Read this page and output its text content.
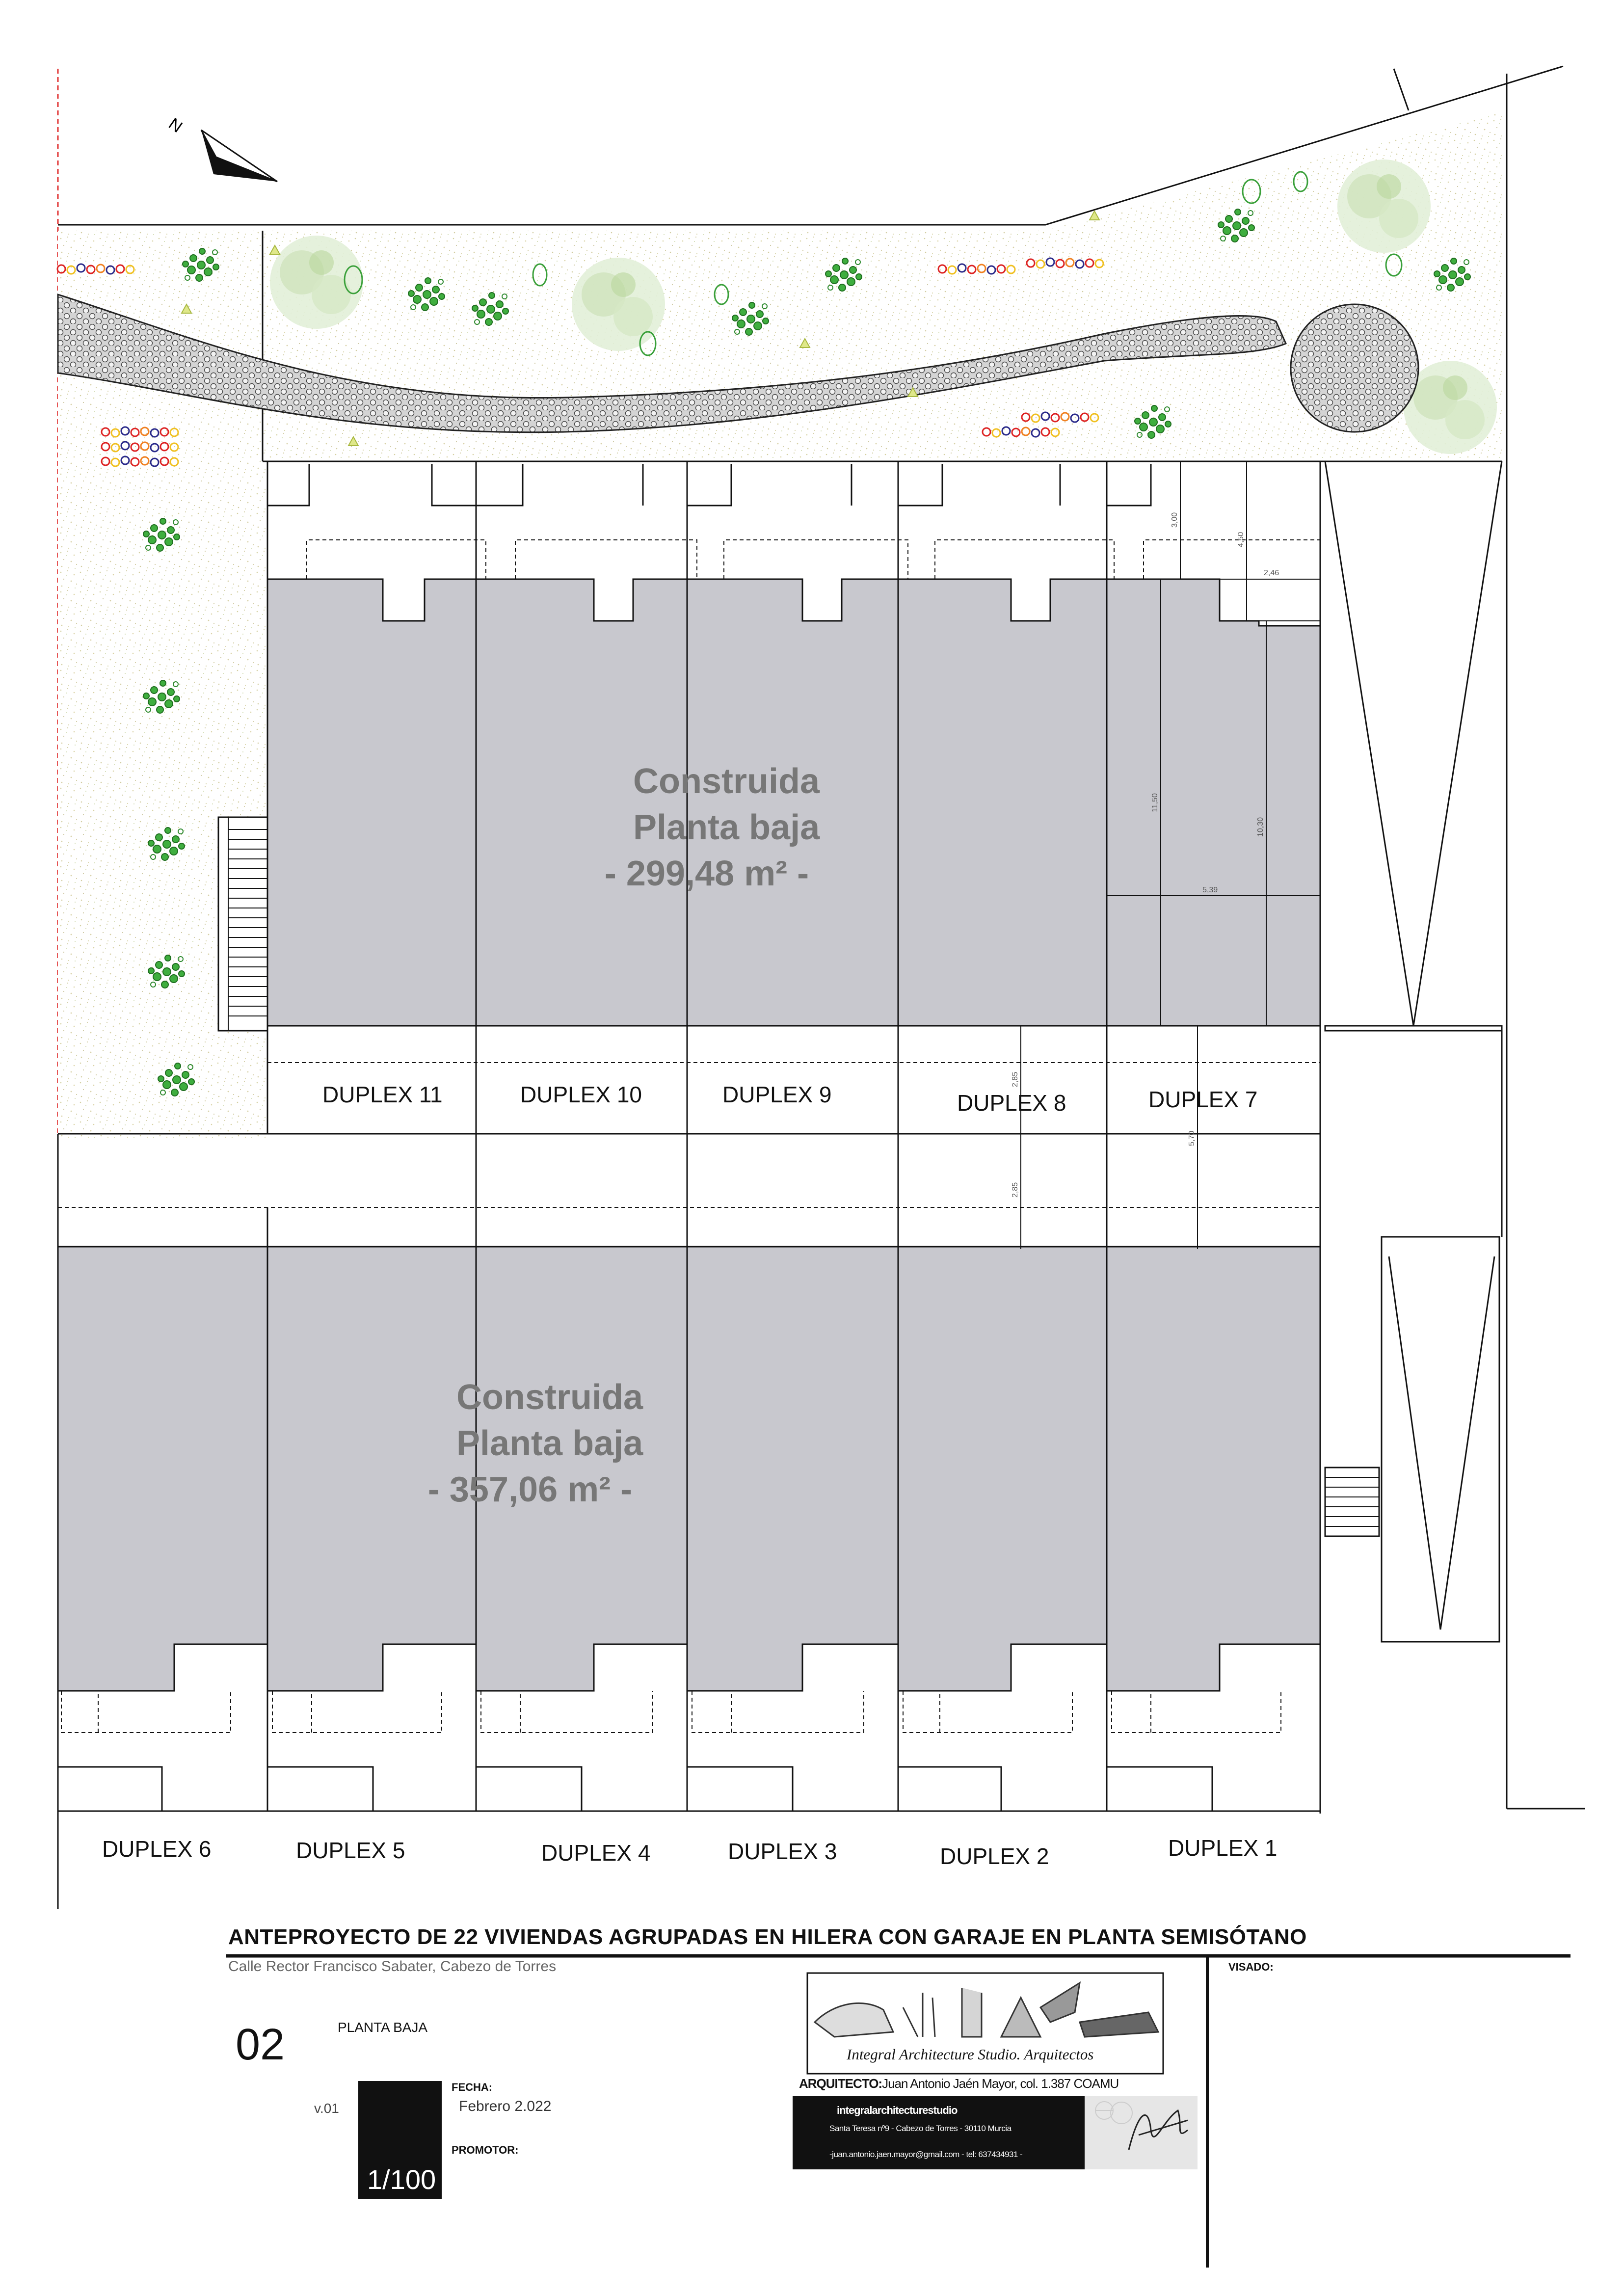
N
3,00
4,50
2,46
11,50
10,30
5,39
2,85
5,70
2,85
Construida
Planta baja
- 299,48 m² -
Construida
Planta baja
- 357,06 m² -
DUPLEX 11	DUPLEX 10	DUPLEX 9	DUPLEX 8	DUPLEX 7
DUPLEX 6	DUPLEX 5	DUPLEX 4	DUPLEX 3	DUPLEX 2	DUPLEX 1
ANTEPROYECTO DE 22 VIVIENDAS AGRUPADAS EN HILERA CON GARAJE EN PLANTA SEMISÓTANO
Calle Rector Francisco Sabater, Cabezo de Torres
02	PLANTA BAJA
v.01
FECHA:
Febrero 2.022
PROMOTOR:
1/100
VISADO:
Integral Architecture Studio. Arquitectos
ARQUITECTO:Juan Antonio Jaén Mayor, col. 1.387 COAMU
integralarchitecturestudio
Santa Teresa nº9 - Cabezo de Torres - 30110 Murcia
-juan.antonio.jaen.mayor@gmail.com - tel: 637434931 -
